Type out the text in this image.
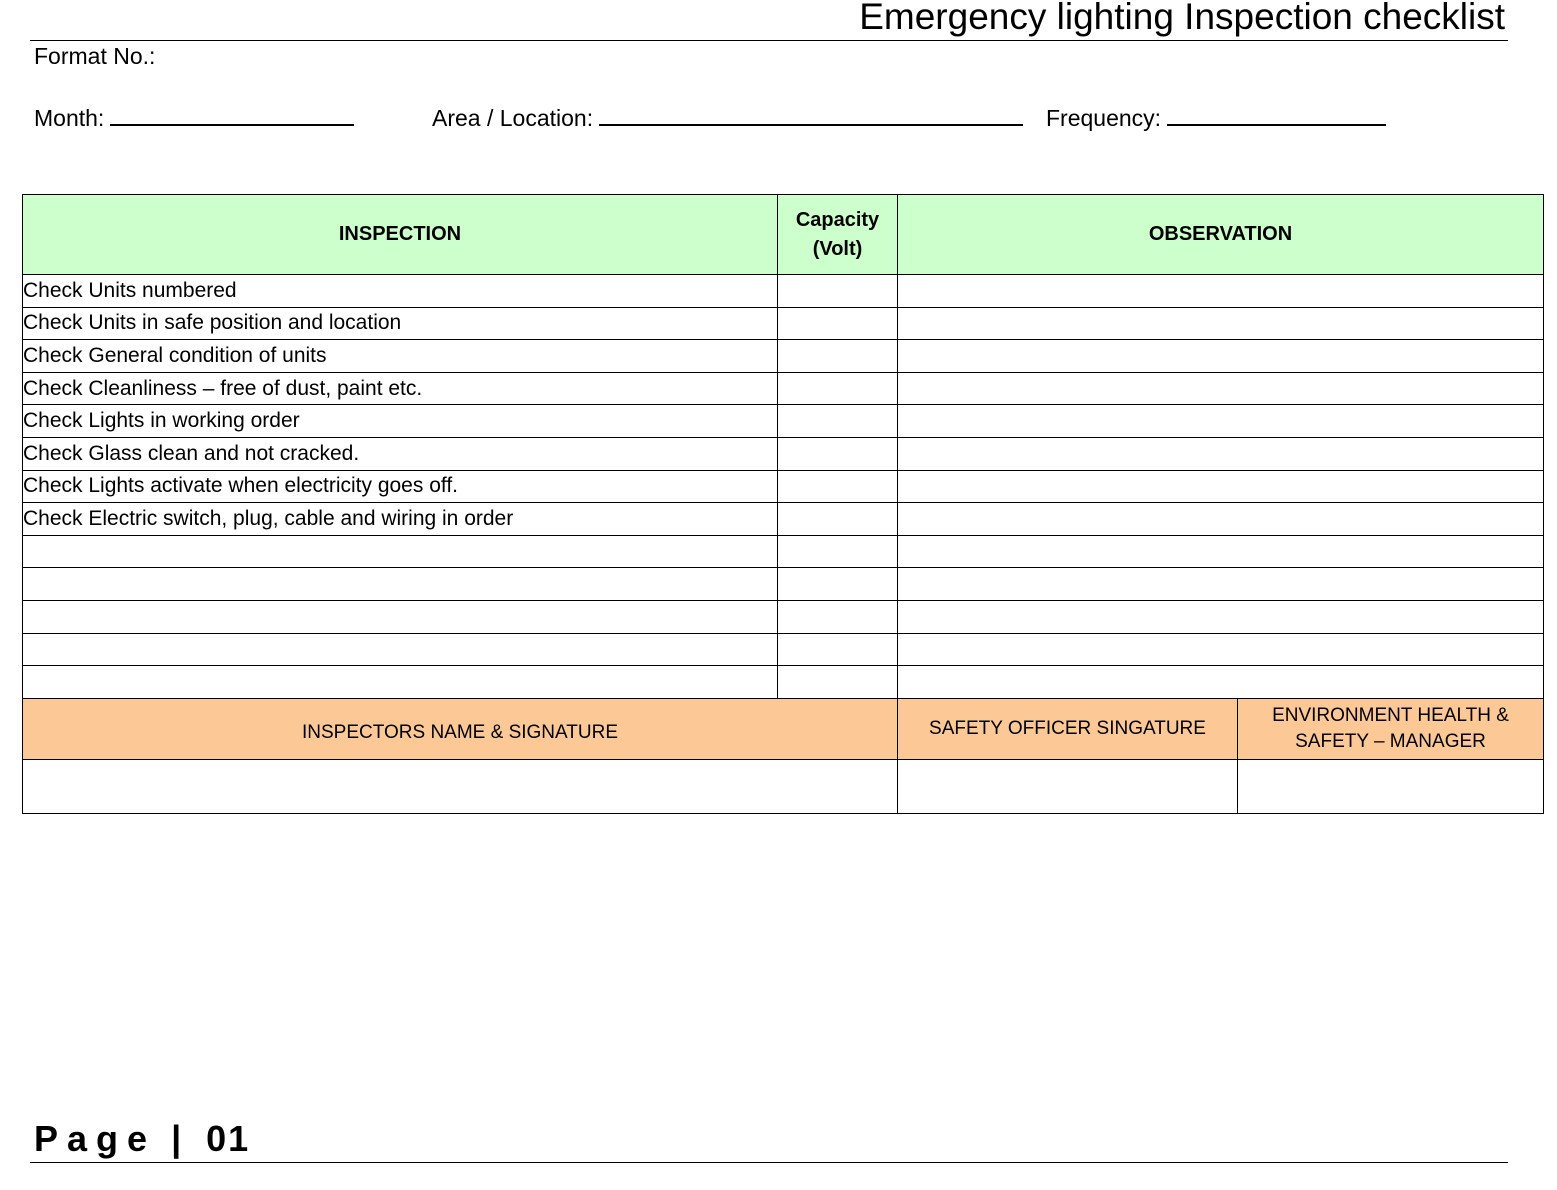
Emergency lighting Inspection checklist
Format No.:
Month:	Area / Location:	Frequency:
INSPECTION	Capacity (Volt)	OBSERVATION	
Check Units numbered			
Check Units in safe position and location			
Check General condition of units			
Check Cleanliness – free of dust, paint etc.			
Check Lights in working order			
Check Glass clean and not cracked.			
Check Lights activate when electricity goes off.			
Check Electric switch, plug, cable and wiring in order			

INSPECTORS NAME & SIGNATURE		SAFETY OFFICER SINGATURE	ENVIRONMENT HEALTH & SAFETY – MANAGER

Page | 01
